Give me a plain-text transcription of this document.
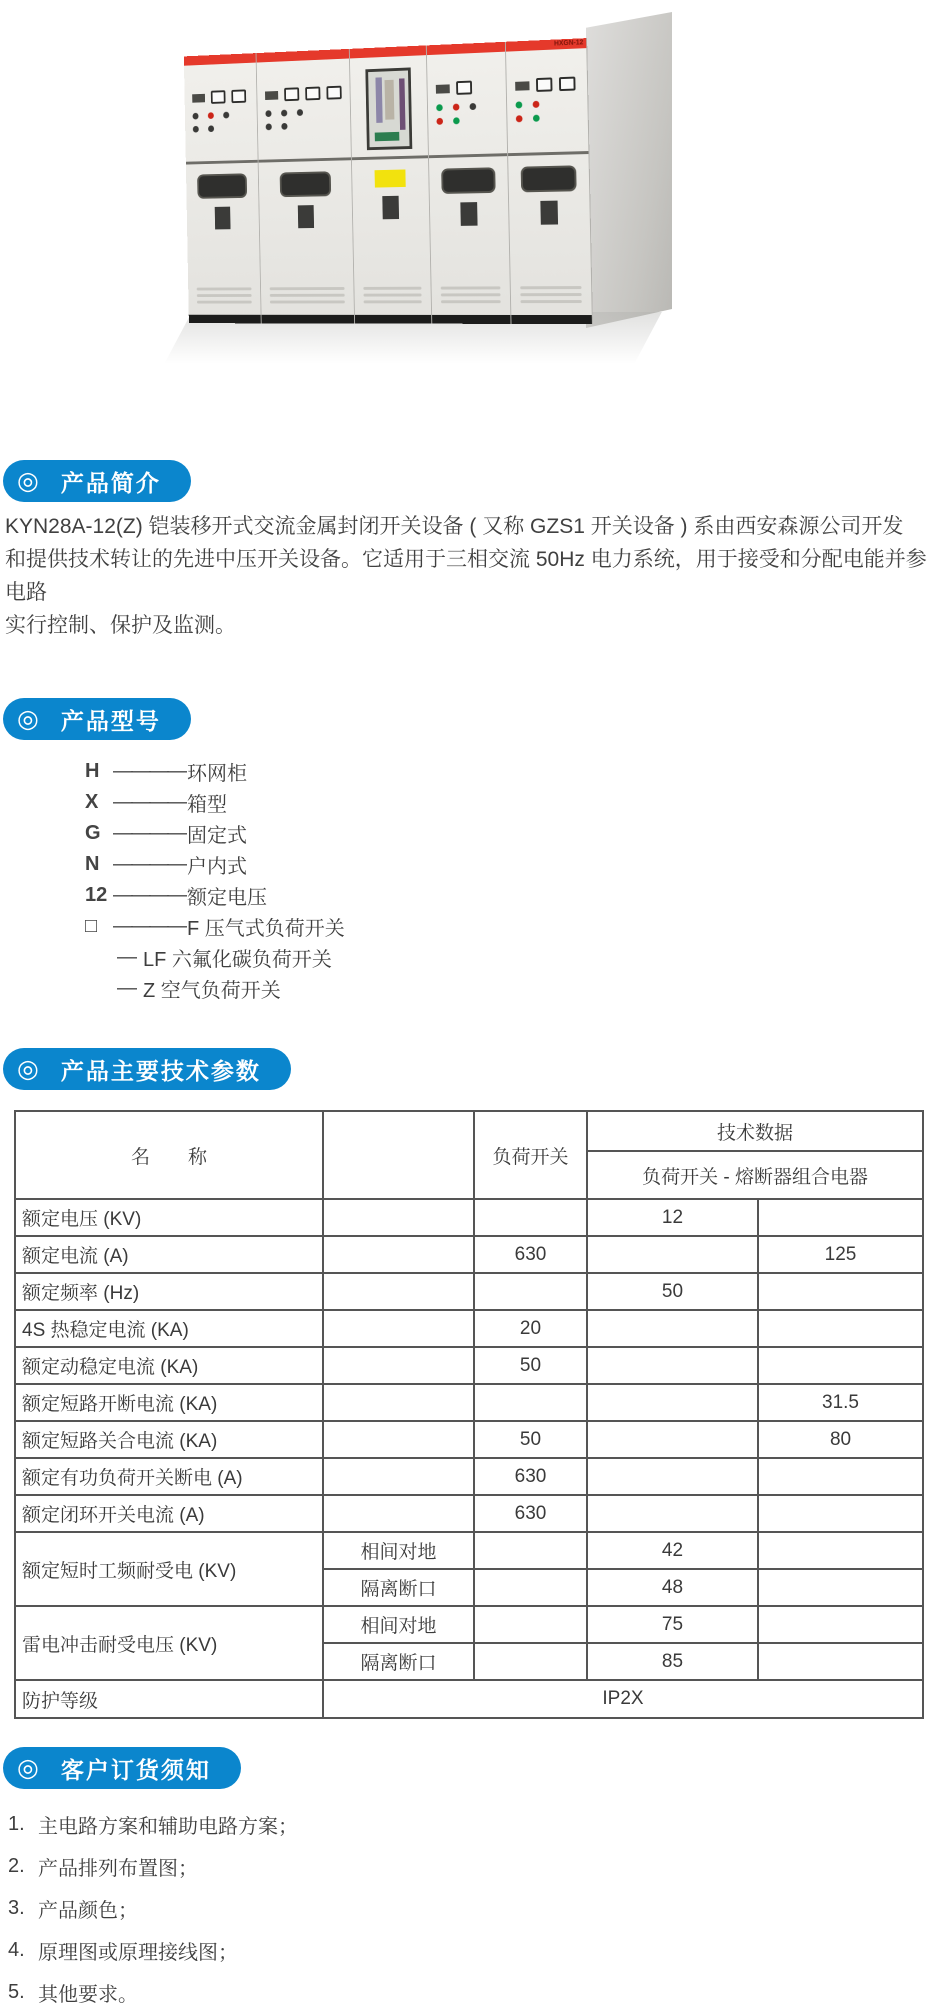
HXGN-12
◎ 产品简介
KYN28A-12(Z) 铠装移开式交流金属封闭开关设备 ( 又称 GZS1 开关设备 ) 系由西安森源公司开发
和提供技术转让的先进中压开关设备。它适用于三相交流 50Hz 电力系统，用于接受和分配电能并参电路
实行控制、保护及监测。
◎ 产品型号
H ———— 环网柜
X ———— 箱型
G ———— 固定式
N ———— 户内式
12 ———— 额定电压
□ ———— F 压气式负荷开关
— LF 六氟化碳负荷开关
— Z 空气负荷开关
◎ 产品主要技术参数
名　　称		负荷开关	技术数据	
			负荷开关 - 熔断器组合电器	
额定电压 (KV)			12	
额定电流 (A)		630		125
额定频率 (Hz)			50	
4S 热稳定电流 (KA)		20		
额定动稳定电流 (KA)		50		
额定短路开断电流 (KA)				31.5
额定短路关合电流 (KA)		50		80
额定有功负荷开关断电 (A)		630		
额定闭环开关电流 (A)		630		
额定短时工频耐受电 (KV)	相间对地		42	
	隔离断口		48	
雷电冲击耐受电压 (KV)	相间对地		75	
	隔离断口		85	
防护等级	IP2X			
◎ 客户订货须知
1. 主电路方案和辅助电路方案；
2. 产品排列布置图；
3. 产品颜色；
4. 原理图或原理接线图；
5. 其他要求。
